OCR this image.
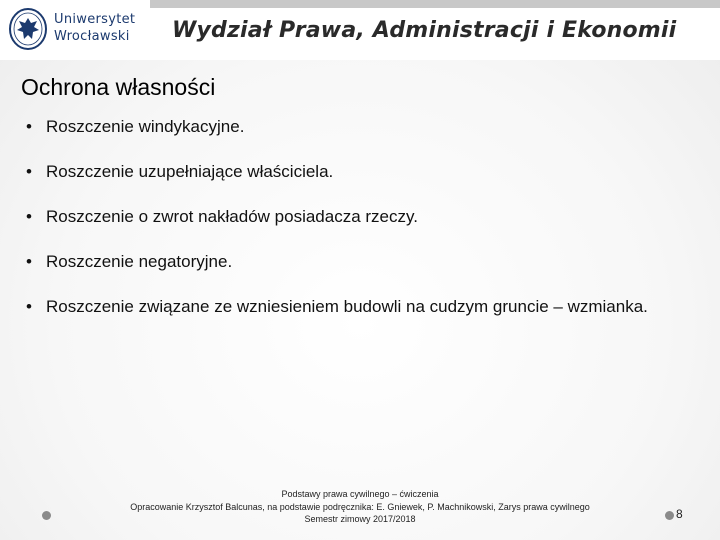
Uniwersytet
Wrocławski Wydział Prawa, Administracji i Ekonomii
Ochrona własności
• Roszczenie windykacyjne.
• Roszczenie uzupełniające właściciela.
• Roszczenie o zwrot nakładów posiadacza rzeczy.
• Roszczenie negatoryjne.
• Roszczenie związane ze wzniesieniem budowli na cudzym gruncie – wzmianka.
Podstawy prawa cywilnego – ćwiczenia
Opracowanie Krzysztof Balcunas, na podstawie podręcznika: E. Gniewek, P. Machnikowski, Zarys prawa cywilnego
Semestr zimowy 2017/2018	8
